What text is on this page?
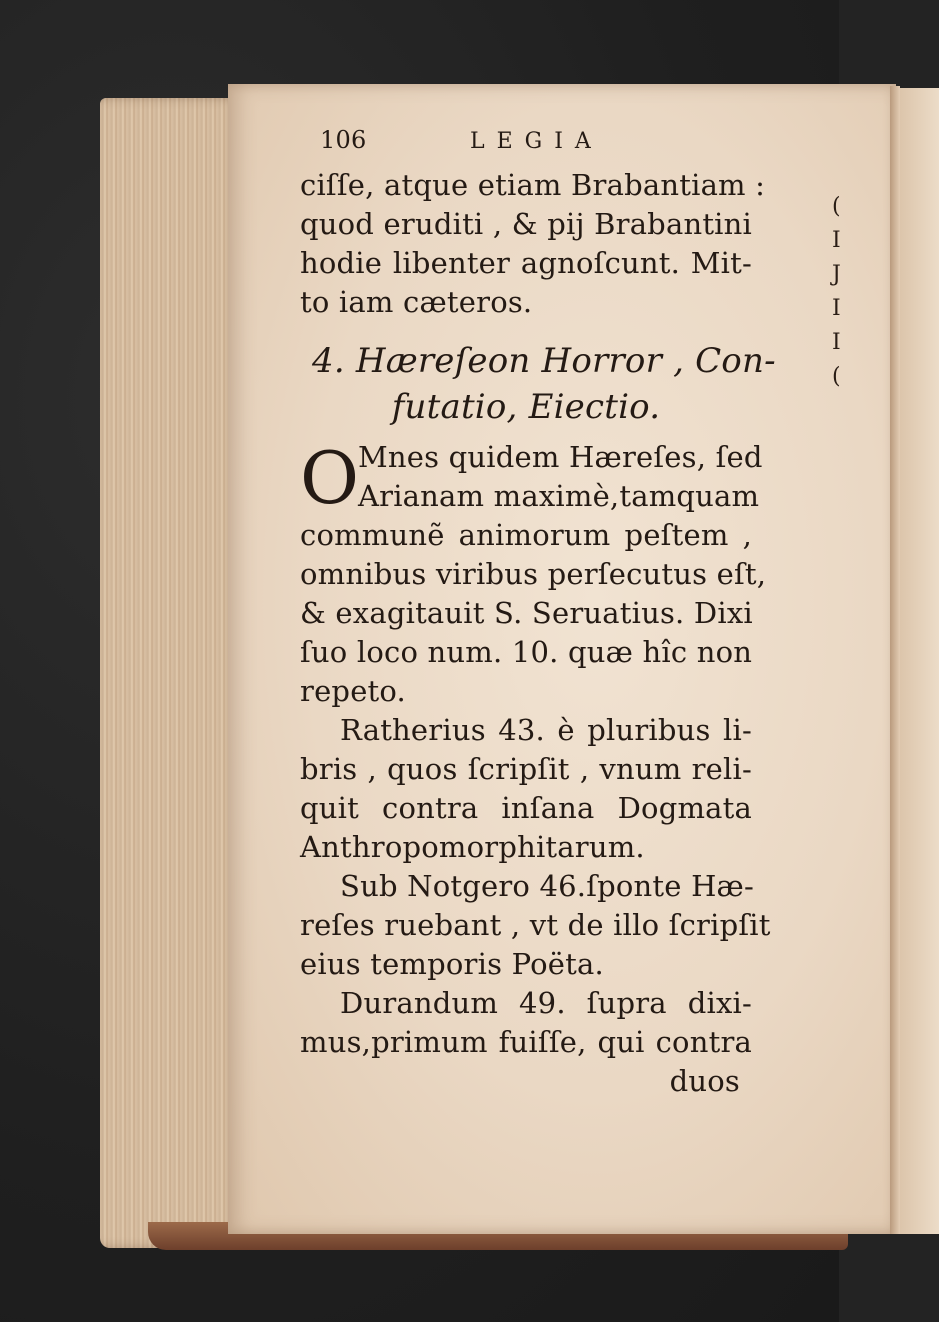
(
I
J
I
I
(
106	LEGIA
ciſſe, atque etiam Brabantiam :
quod eruditi , & pij Brabantini
hodie libenter agnoſcunt. Mit-
to iam cæteros.
4. Hæreſeon Horror , Con-
futatio, Eiectio.
O
Mnes quidem Hæreſes, ſed
Arianam maximè,tamquam
communẽ animorum peſtem ,
omnibus viribus perſecutus eſt,
& exagitauit S. Seruatius. Dixi
ſuo loco num. 10. quæ hîc non
repeto.
Ratherius 43. è pluribus li-
bris , quos ſcripſit , vnum reli-
quit contra inſana Dogmata
Anthropomorphitarum.
Sub Notgero 46.ſponte Hæ-
reſes ruebant , vt de illo ſcripſit
eius temporis Poëta.
Durandum 49. ſupra dixi-
mus,primum fuiſſe, qui contra
duos
